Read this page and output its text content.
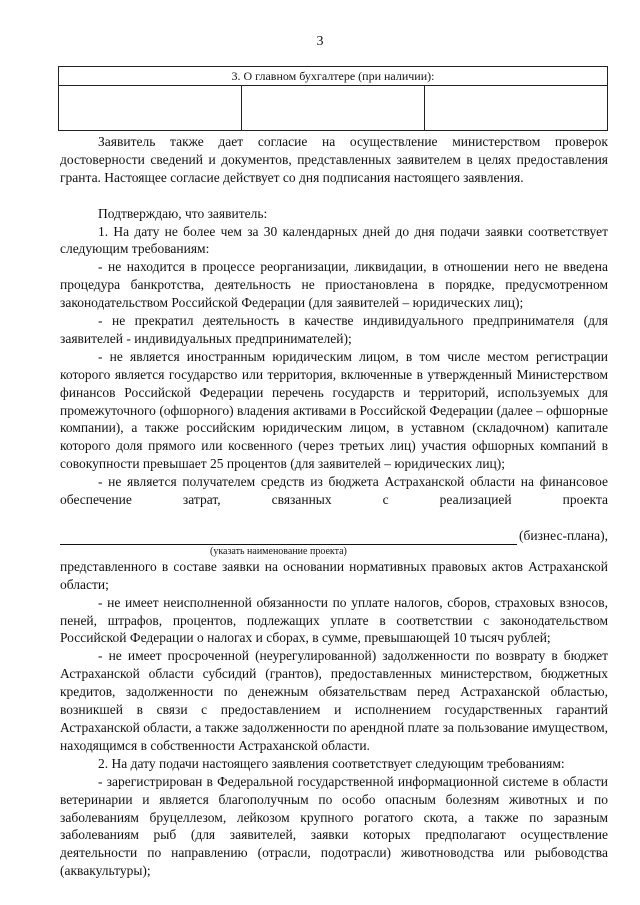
3
3. О главном бухгалтере (при наличии):

Заявитель также дает согласие на осуществление министерством проверок достоверности сведений и документов, представленных заявителем в целях предоставления гранта. Настоящее согласие действует со дня подписания настоящего заявления.

Подтверждаю, что заявитель:

1. На дату не более чем за 30 календарных дней до дня подачи заявки соответствует следующим требованиям:

- не находится в процессе реорганизации, ликвидации, в отношении него не введена процедура банкротства, деятельность не приостановлена в порядке, предусмотренном законодательством Российской Федерации (для заявителей – юридических лиц);

- не прекратил деятельность в качестве индивидуального предпринимателя (для заявителей - индивидуальных предпринимателей);

- не является иностранным юридическим лицом, в том числе местом регистрации которого является государство или территория, включенные в утвержденный Министерством финансов Российской Федерации перечень государств и территорий, используемых для промежуточного (офшорного) владения активами в Российской Федерации (далее – офшорные компании), а также российским юридическим лицом, в уставном (складочном) капитале которого доля прямого или косвенного (через третьих лиц) участия офшорных компаний в совокупности превышает 25 процентов (для заявителей – юридических лиц);

- не является получателем средств из бюджета Астраханской области на финансовое обеспечение затрат, связанных с реализацией проекта

(бизнес-плана),
(указать наименование проекта)

представленного в составе заявки на основании нормативных правовых актов Астраханской области;

- не имеет неисполненной обязанности по уплате налогов, сборов, страховых взносов, пеней, штрафов, процентов, подлежащих уплате в соответствии с законодательством Российской Федерации о налогах и сборах, в сумме, превышающей 10 тысяч рублей;

- не имеет просроченной (неурегулированной) задолженности по возврату в бюджет Астраханской области субсидий (грантов), предоставленных министерством, бюджетных кредитов, задолженности по денежным обязательствам перед Астраханской областью, возникшей в связи с предоставлением и исполнением государственных гарантий Астраханской области, а также задолженности по арендной плате за пользование имуществом, находящимся в собственности Астраханской области.

2. На дату подачи настоящего заявления соответствует следующим требованиям:

- зарегистрирован в Федеральной государственной информационной системе в области ветеринарии и является благополучным по особо опасным болезням животных и по заболеваниям бруцеллезом, лейкозом крупного рогатого скота, а также по заразным заболеваниям рыб (для заявителей, заявки которых предполагают осуществление деятельности по направлению (отрасли, подотрасли) животноводства или рыбоводства (аквакультуры);
